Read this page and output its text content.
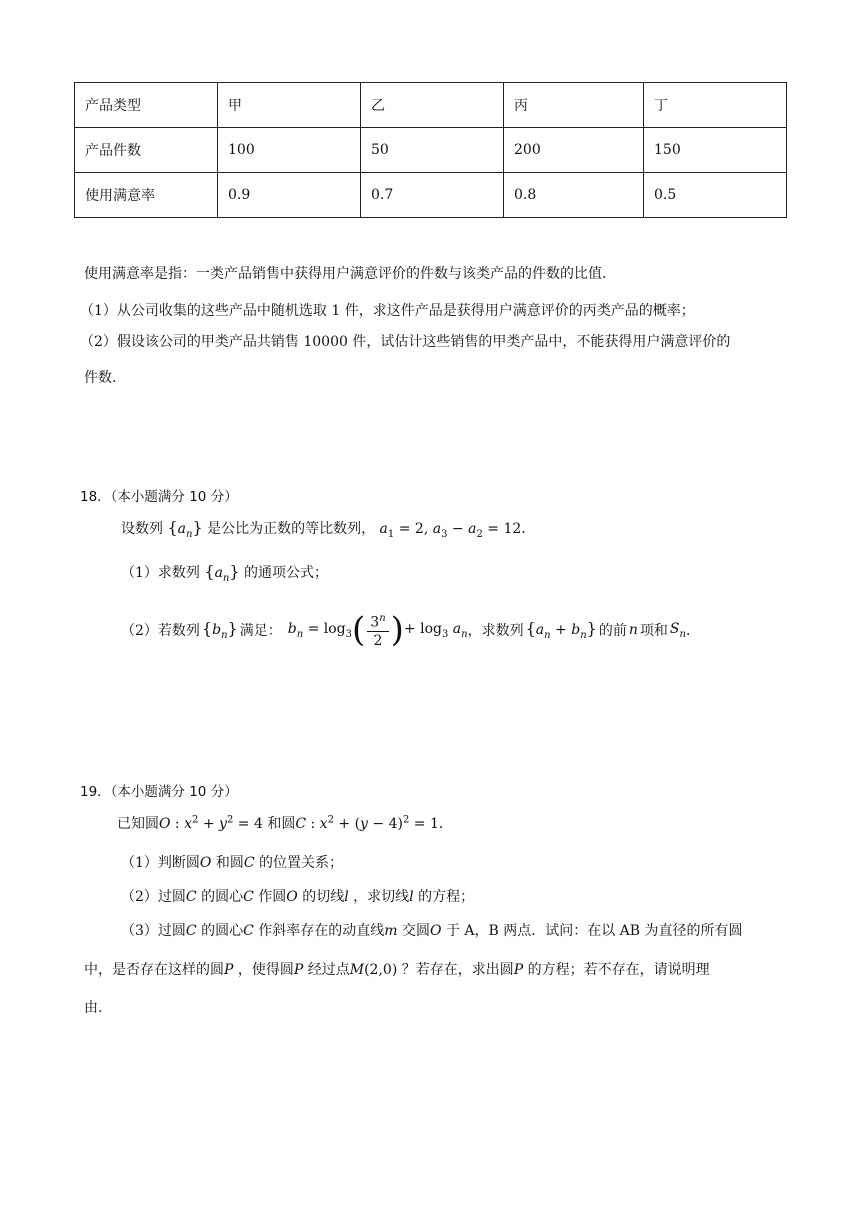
产品类型	甲	乙	丙	丁
产品件数	100	50	200	150
使用满意率	0.9	0.7	0.8	0.5
使用满意率是指：一类产品销售中获得用户满意评价的件数与该类产品的件数的比值.
（1）从公司收集的这些产品中随机选取 1 件，求这件产品是获得用户满意评价的丙类产品的概率；
（2）假设该公司的甲类产品共销售 10000 件，试估计这些销售的甲类产品中，不能获得用户满意评价的
件数.
18．（本小题满分 10 分）
设数列 $\{a_n\}$ 是公比为正数的等比数列， $a_1 = 2$, $a_3 - a_2 = 12$．
（1）求数列 $\{a_n\}$ 的通项公式；
（2）若数列 $\{b_n\}$ 满足： $b_n = \log_3$ ( $\frac{3^n}{2}$ ) + $\log_3 a_n$ ，求数列 $\{a_n + b_n\}$ 的前 n 项和 $S_n$ ．
19．（本小题满分 10 分）
已知圆O : $x^2 + y^2 = 4$ 和圆C : $x^2 + (y - 4)^2 = 1$．
（1）判断圆O 和圆C 的位置关系；
（2）过圆C 的圆心C 作圆O 的切线l ，求切线l 的方程；
（3）过圆C 的圆心C 作斜率存在的动直线m 交圆O 于 A，B 两点．试问：在以 AB 为直径的所有圆
中，是否存在这样的圆P ，使得圆P 经过点M(2,0) ？若存在，求出圆P 的方程；若不存在，请说明理
由.
